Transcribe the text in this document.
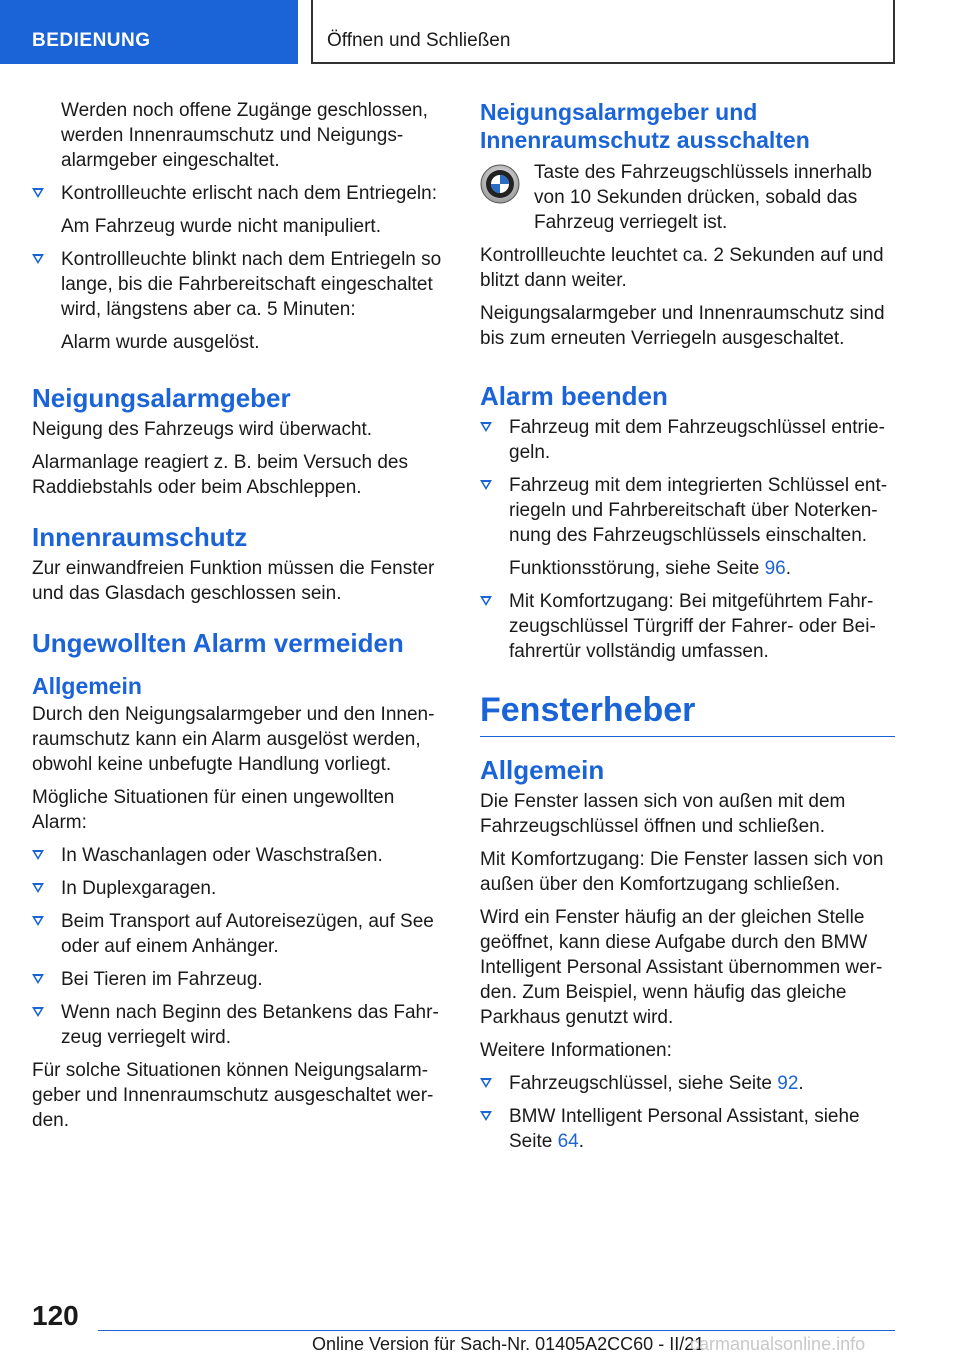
BEDIENUNG	Öffnen und Schließen

Werden noch offene Zugänge geschlossen, werden Innenraumschutz und Neigungs-alarmgeber eingeschaltet.

Kontrollleuchte erlischt nach dem Entriegeln:
Am Fahrzeug wurde nicht manipuliert.
Kontrollleuchte blinkt nach dem Entriegeln so lange, bis die Fahrbereitschaft eingeschaltet wird, längstens aber ca. 5 Minuten:
Alarm wurde ausgelöst.
Neigungsalarmgeber

Neigung des Fahrzeugs wird überwacht.

Alarmanlage reagiert z. B. beim Versuch des Raddiebstahls oder beim Abschleppen.

Innenraumschutz

Zur einwandfreien Funktion müssen die Fenster und das Glasdach geschlossen sein.

Ungewollten Alarm vermeiden
Allgemein

Durch den Neigungsalarmgeber und den Innen-raumschutz kann ein Alarm ausgelöst werden, obwohl keine unbefugte Handlung vorliegt.

Mögliche Situationen für einen ungewollten Alarm:

In Waschanlagen oder Waschstraßen.
In Duplexgaragen.
Beim Transport auf Autoreisezügen, auf See oder auf einem Anhänger.
Bei Tieren im Fahrzeug.
Wenn nach Beginn des Betankens das Fahr-zeug verriegelt wird.

Für solche Situationen können Neigungsalarm-geber und Innenraumschutz ausgeschaltet wer-den.

Neigungsalarmgeber und Innenraumschutz ausschalten
Taste des Fahrzeugschlüssels innerhalb von 10 Sekunden drücken, sobald das Fahrzeug verriegelt ist.

Kontrollleuchte leuchtet ca. 2 Sekunden auf und blitzt dann weiter.

Neigungsalarmgeber und Innenraumschutz sind bis zum erneuten Verriegeln ausgeschaltet.

Alarm beenden
Fahrzeug mit dem Fahrzeugschlüssel entrie-geln.
Fahrzeug mit dem integrierten Schlüssel ent-riegeln und Fahrbereitschaft über Noterken-nung des Fahrzeugschlüssels einschalten.
Funktionsstörung, siehe Seite 96.
Mit Komfortzugang: Bei mitgeführtem Fahr-zeugschlüssel Türgriff der Fahrer- oder Bei-fahrertür vollständig umfassen.
Fensterheber
Allgemein

Die Fenster lassen sich von außen mit dem Fahrzeugschlüssel öffnen und schließen.

Mit Komfortzugang: Die Fenster lassen sich von außen über den Komfortzugang schließen.

Wird ein Fenster häufig an der gleichen Stelle geöffnet, kann diese Aufgabe durch den BMW Intelligent Personal Assistant übernommen wer-den. Zum Beispiel, wenn häufig das gleiche Parkhaus genutzt wird.

Weitere Informationen:

Fahrzeugschlüssel, siehe Seite 92.
BMW Intelligent Personal Assistant, siehe Seite 64.
120
Online Version für Sach-Nr. 01405A2CC60 - II/21
carmanualsonline.info
